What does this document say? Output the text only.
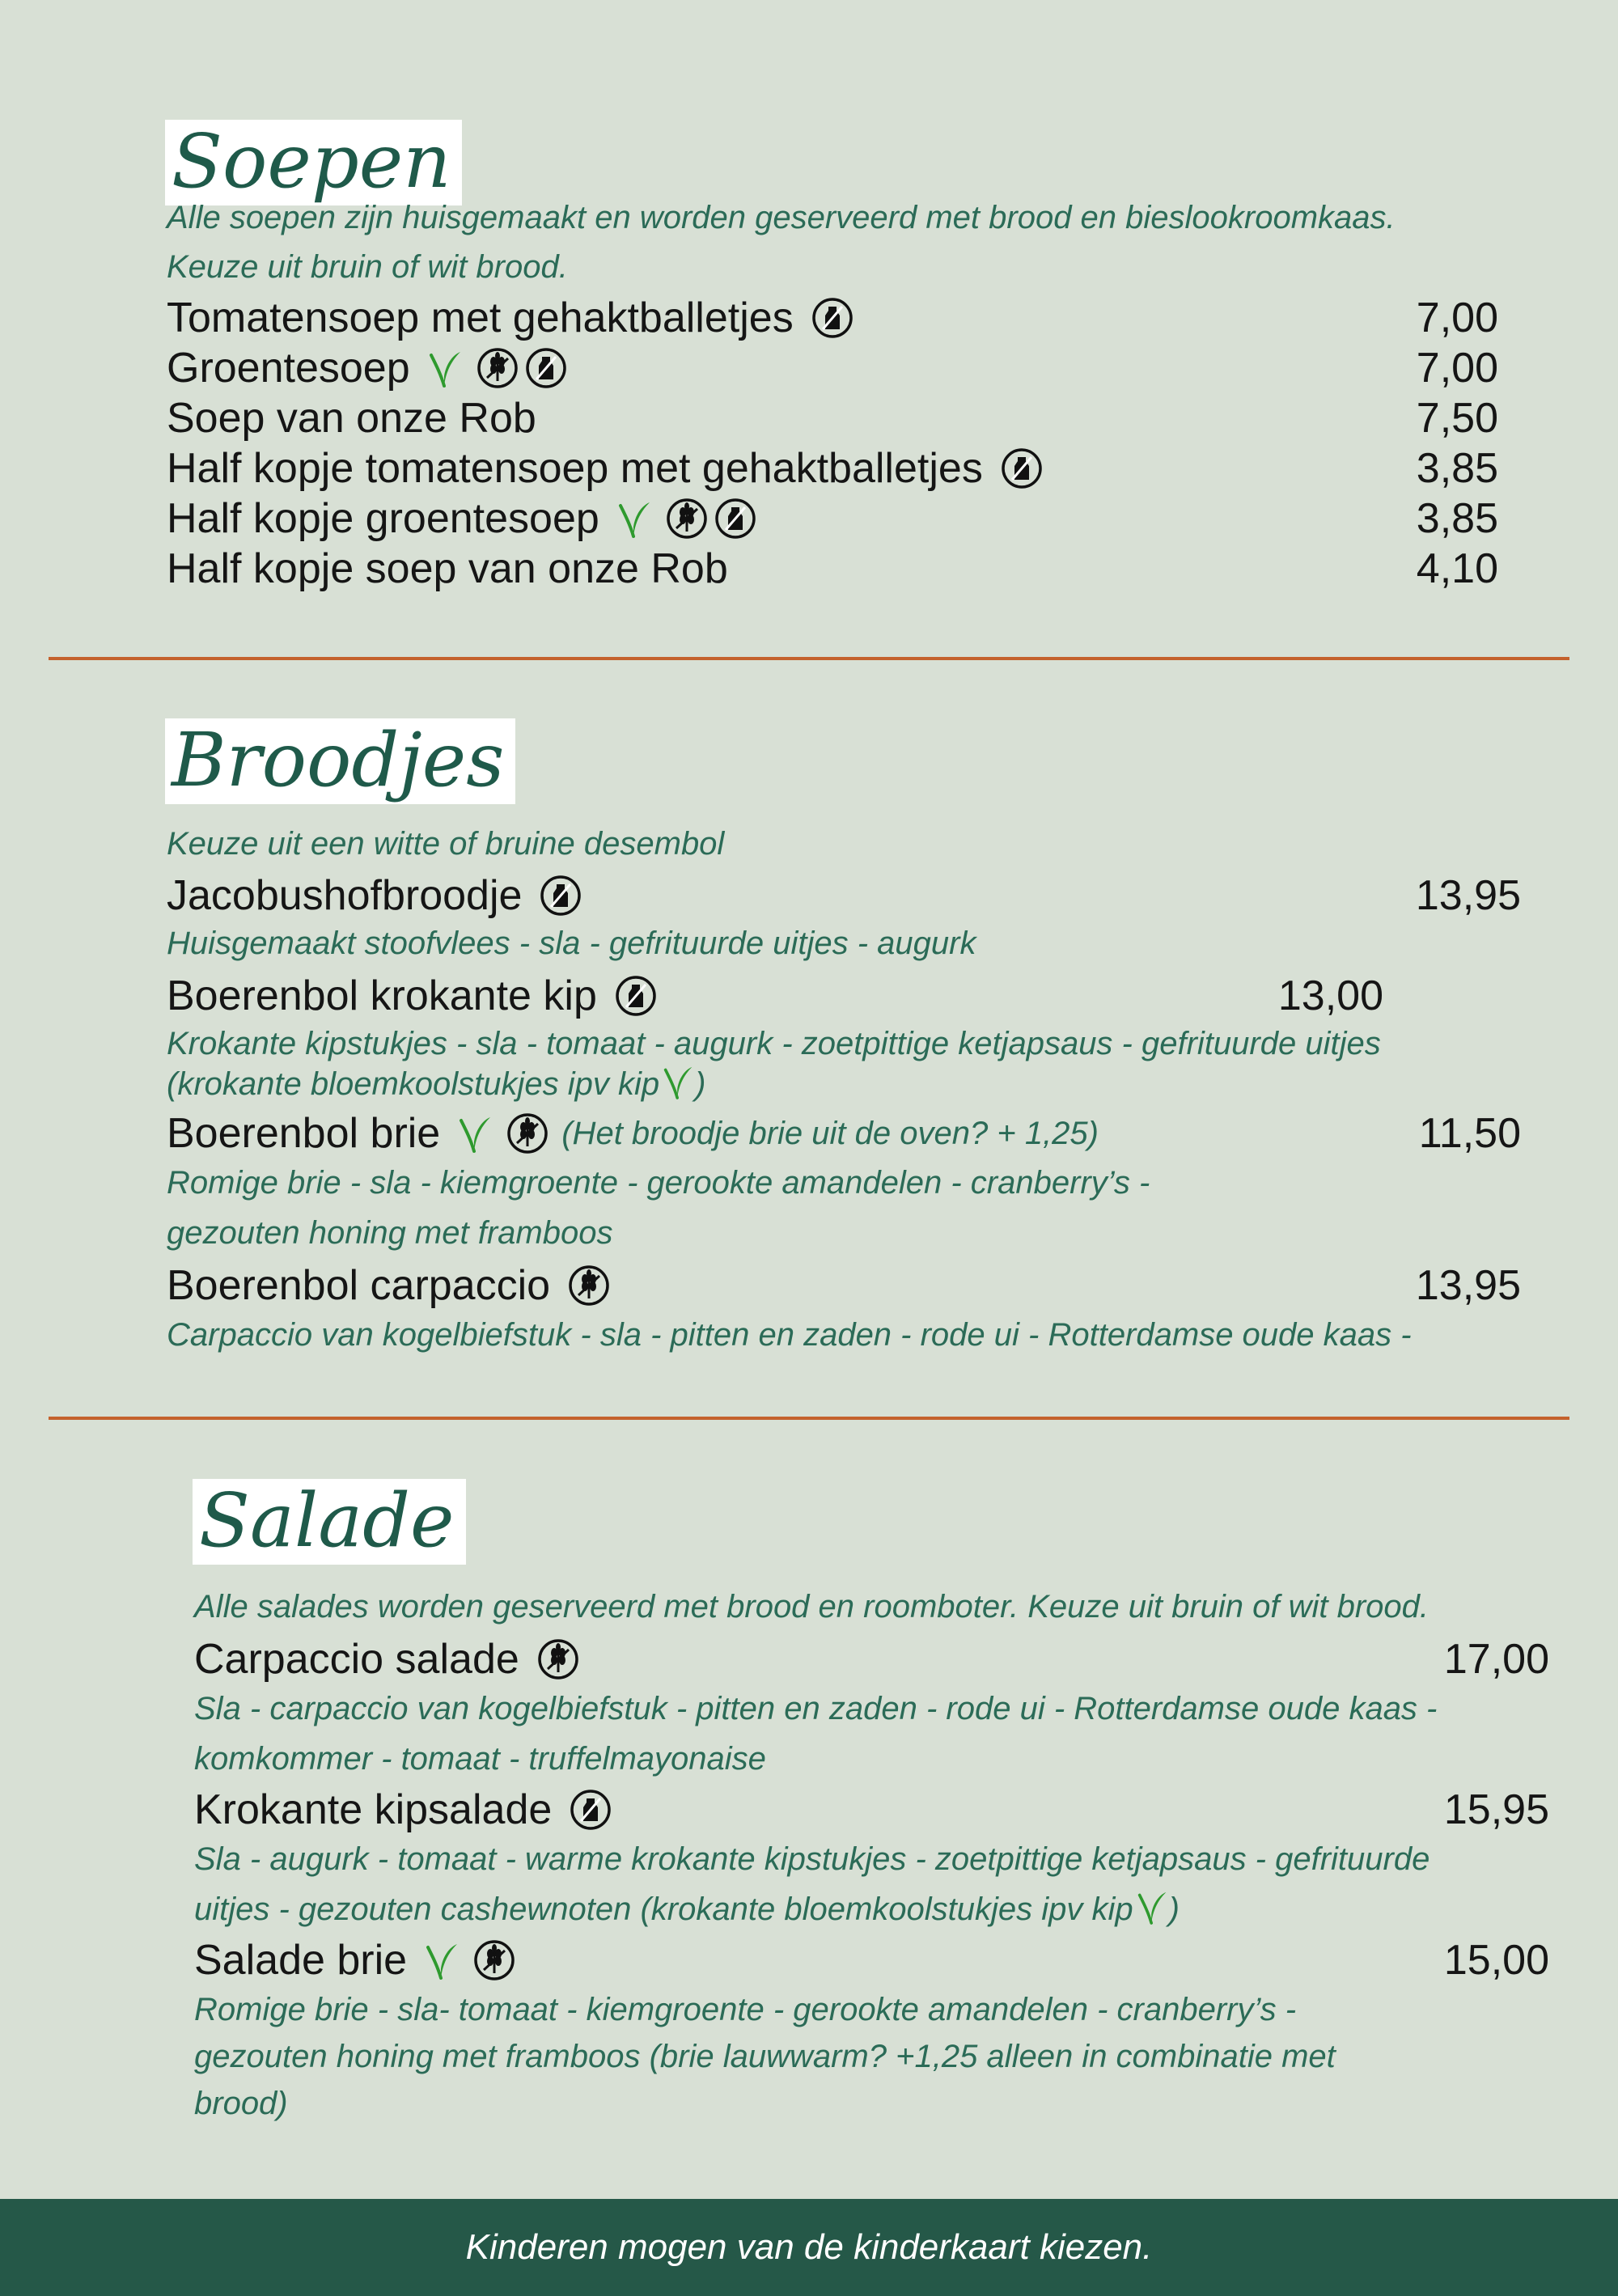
Soepen
Alle soepen zijn huisgemaakt en worden geserveerd met brood en bieslookroomkaas.
Keuze uit bruin of wit brood.
Tomatensoep met gehaktballetjes	7,00
Groentesoep	7,00
Soep van onze Rob	7,50
Half kopje tomatensoep met gehaktballetjes	3,85
Half kopje groentesoep	3,85
Half kopje soep van onze Rob	4,10
Broodjes
Keuze uit een witte of bruine desembol
Jacobushofbroodje	13,95
Huisgemaakt stoofvlees - sla - gefrituurde uitjes - augurk
Boerenbol krokante kip	13,00
Krokante kipstukjes - sla - tomaat - augurk - zoetpittige ketjapsaus - gefrituurde uitjes
(krokante bloemkoolstukjes ipv kip )
Boerenbol brie	(Het broodje brie uit de oven? + 1,25)	11,50
Romige brie - sla - kiemgroente - gerookte amandelen - cranberry’s -
gezouten honing met framboos
Boerenbol carpaccio	13,95
Carpaccio van kogelbiefstuk - sla - pitten en zaden - rode ui - Rotterdamse oude kaas -
Salade
Alle salades worden geserveerd met brood en roomboter. Keuze uit bruin of wit brood.
Carpaccio salade	17,00
Sla - carpaccio van kogelbiefstuk - pitten en zaden - rode ui - Rotterdamse oude kaas -
komkommer - tomaat - truffelmayonaise
Krokante kipsalade	15,95
Sla - augurk - tomaat - warme krokante kipstukjes - zoetpittige ketjapsaus - gefrituurde
uitjes - gezouten cashewnoten (krokante bloemkoolstukjes ipv kip )
Salade brie	15,00
Romige brie - sla- tomaat - kiemgroente - gerookte amandelen - cranberry’s -
gezouten honing met framboos (brie lauwwarm? +1,25 alleen in combinatie met
brood)
Kinderen mogen van de kinderkaart kiezen.
